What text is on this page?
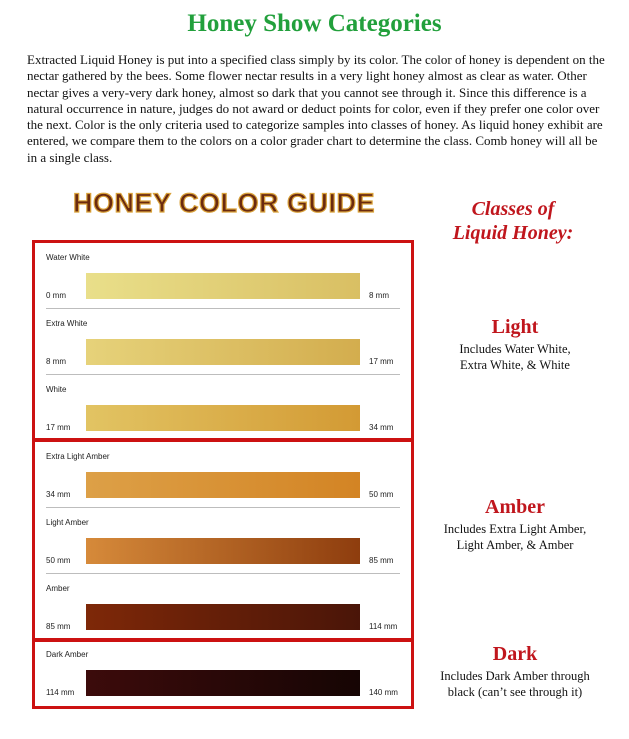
Honey Show Categories
Extracted Liquid Honey is put into a specified class simply by its color. The color of honey is dependent on the nectar gathered by the bees. Some flower nectar results in a very light honey almost as clear as water. Other nectar gives a very-very dark honey, almost so dark that you cannot see through it. Since this difference is a natural occurrence in nature, judges do not award or deduct points for color, even if they prefer one color over the next. Color is the only criteria used to categorize samples into classes of honey. As liquid honey exhibit are entered, we compare them to the colors on a color grader chart to determine the class. Comb honey will all be in a single class.
HONEY COLOR GUIDE
Water White
0 mm	8 mm
Extra White
8 mm	17 mm
White
17 mm	34 mm
Extra Light Amber
34 mm	50 mm
Light Amber
50 mm	85 mm
Amber
85 mm	114 mm
Dark Amber
114 mm	140 mm
Classes of
Liquid Honey:
Light
Includes Water White,
Extra White, & White
Amber
Includes Extra Light Amber,
Light Amber, & Amber
Dark
Includes Dark Amber through
black (can’t see through it)
